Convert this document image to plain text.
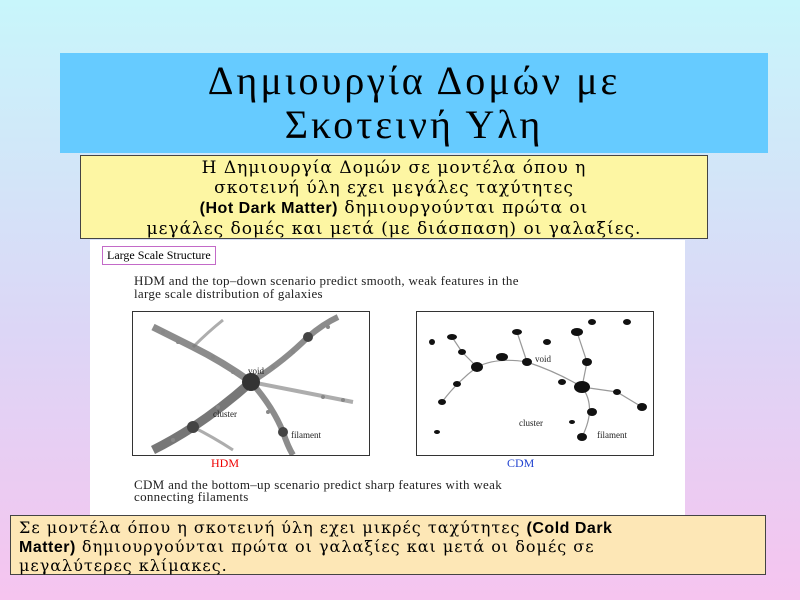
Δημιουργία Δομών με
Σκοτεινή Υλη
Η Δημιουργία Δομών σε μοντέλα όπου η
σκοτεινή ύλη εχει μεγάλες ταχύτητες
(Hot Dark Matter) δημιουργούνται πρώτα οι
μεγάλες δομές και μετά (με διάσπαση) οι γαλαξίες.
Large Scale Structure
HDM and the top–down scenario predict smooth, weak features in the
large scale distribution of galaxies
void
cluster
filament
void
cluster
filament
HDM	CDM
CDM and the bottom–up scenario predict sharp features with weak
connecting filaments
Σε μοντέλα όπου η σκοτεινή ύλη εχει μικρές ταχύτητες (Cold Dark
Matter) δημιουργούνται πρώτα οι γαλαξίες και μετά οι δομές σε
μεγαλύτερες κλίμακες.
